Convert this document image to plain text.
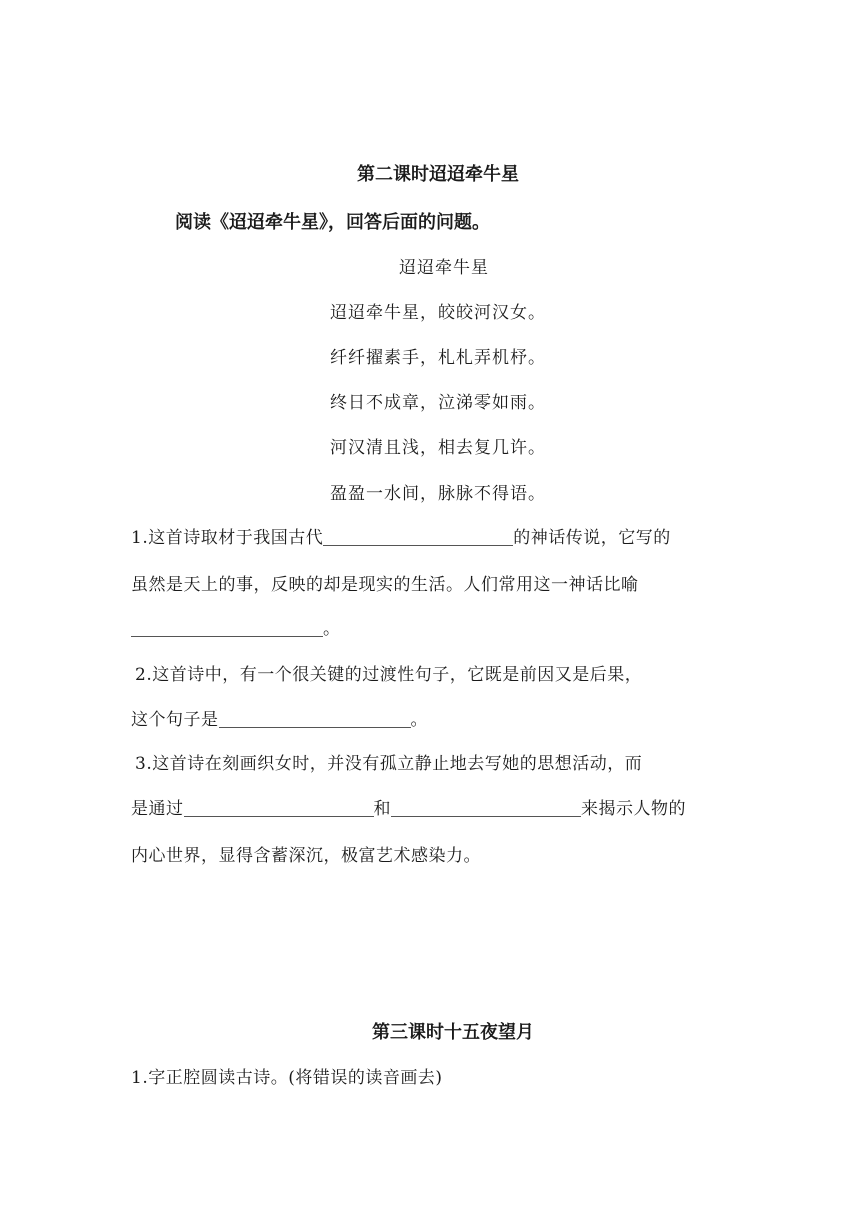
第二课时迢迢牵牛星
阅读《迢迢牵牛星》，回答后面的问题。
迢迢牵牛星
迢迢牵牛星，皎皎河汉女。
纤纤擢素手，札札弄机杼。
终日不成章，泣涕零如雨。
河汉清且浅，相去复几许。
盈盈一水间，脉脉不得语。
1.这首诗取材于我国古代	的神话传说，它写的
虽然是天上的事，反映的却是现实的生活。人们常用这一神话比喻
。
2.这首诗中，有一个很关键的过渡性句子，它既是前因又是后果，
这个句子是	。
3.这首诗在刻画织女时，并没有孤立静止地去写她的思想活动，而
是通过	和	来揭示人物的
内心世界，显得含蓄深沉，极富艺术感染力。
第三课时十五夜望月
1.字正腔圆读古诗。(将错误的读音画去)
